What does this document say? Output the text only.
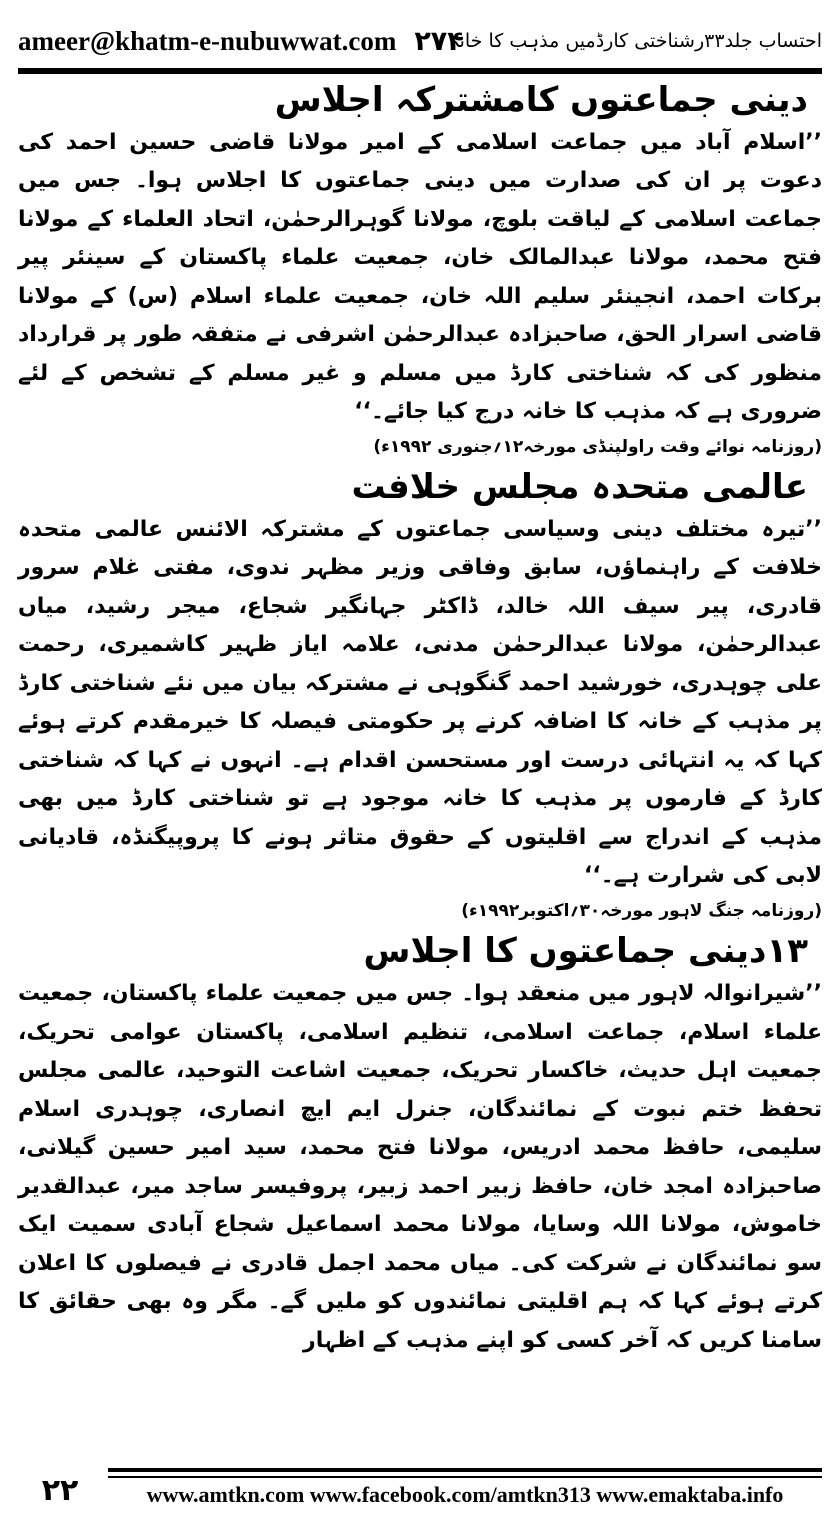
ameer@khatm-e-nubuwwat.com ۲۷۴
احتساب جلد۳۳رشناختی کارڈمیں مذہب کا خانہ
دینی جماعتوں کامشترکہ اجلاس

’’اسلام آباد میں جماعت اسلامی کے امیر مولانا قاضی حسین احمد کی دعوت پر ان کی صدارت میں دینی جماعتوں کا اجلاس ہوا۔ جس میں جماعت اسلامی کے لیاقت بلوچ، مولانا گوہرالرحمٰن، اتحاد العلماء کے مولانا فتح محمد، مولانا عبدالمالک خان، جمعیت علماء پاکستان کے سینئر پیر برکات احمد، انجینئر سلیم اللہ خان، جمعیت علماء اسلام (س) کے مولانا قاضی اسرار الحق، صاحبزادہ عبدالرحمٰن اشرفی نے متفقہ طور پر قرارداد منظور کی کہ شناختی کارڈ میں مسلم و غیر مسلم کے تشخص کے لئے ضروری ہے کہ مذہب کا خانہ درج کیا جائے۔‘‘

(روزنامہ نوائے وقت راولپنڈی مورخہ۱۲؍جنوری ۱۹۹۲ء)

عالمی متحدہ مجلس خلافت

’’تیرہ مختلف دینی وسیاسی جماعتوں کے مشترکہ الائنس عالمی متحدہ خلافت کے راہنماؤں، سابق وفاقی وزیر مظہر ندوی، مفتی غلام سرور قادری، پیر سیف اللہ خالد، ڈاکٹر جہانگیر شجاع، میجر رشید، میاں عبدالرحمٰن، مولانا عبدالرحمٰن مدنی، علامہ ایاز ظہیر کاشمیری، رحمت علی چوہدری، خورشید احمد گنگوہی نے مشترکہ بیان میں نئے شناختی کارڈ پر مذہب کے خانہ کا اضافہ کرنے پر حکومتی فیصلہ کا خیرمقدم کرتے ہوئے کہا کہ یہ انتہائی درست اور مستحسن اقدام ہے۔ انہوں نے کہا کہ شناختی کارڈ کے فارموں پر مذہب کا خانہ موجود ہے تو شناختی کارڈ میں بھی مذہب کے اندراج سے اقلیتوں کے حقوق متاثر ہونے کا پروپیگنڈہ، قادیانی لابی کی شرارت ہے۔‘‘

(روزنامہ جنگ لاہور مورخہ۳۰؍اکتوبر۱۹۹۲ء)

۱۳دینی جماعتوں کا اجلاس

’’شیرانوالہ لاہور میں منعقد ہوا۔ جس میں جمعیت علماء پاکستان، جمعیت علماء اسلام، جماعت اسلامی، تنظیم اسلامی، پاکستان عوامی تحریک، جمعیت اہل حدیث، خاکسار تحریک، جمعیت اشاعت التوحید، عالمی مجلس تحفظ ختم نبوت کے نمائندگان، جنرل ایم ایچ انصاری، چوہدری اسلام سلیمی، حافظ محمد ادریس، مولانا فتح محمد، سید امیر حسین گیلانی، صاحبزادہ امجد خان، حافظ زبیر احمد زبیر، پروفیسر ساجد میر، عبدالقدیر خاموش، مولانا اللہ وسایا، مولانا محمد اسماعیل شجاع آبادی سمیت ایک سو نمائندگان نے شرکت کی۔ میاں محمد اجمل قادری نے فیصلوں کا اعلان کرتے ہوئے کہا کہ ہم اقلیتی نمائندوں کو ملیں گے۔ مگر وہ بھی حقائق کا سامنا کریں کہ آخر کسی کو اپنے مذہب کے اظہار

۲۲	www.amtkn.com www.facebook.com/amtkn313 www.emaktaba.info
